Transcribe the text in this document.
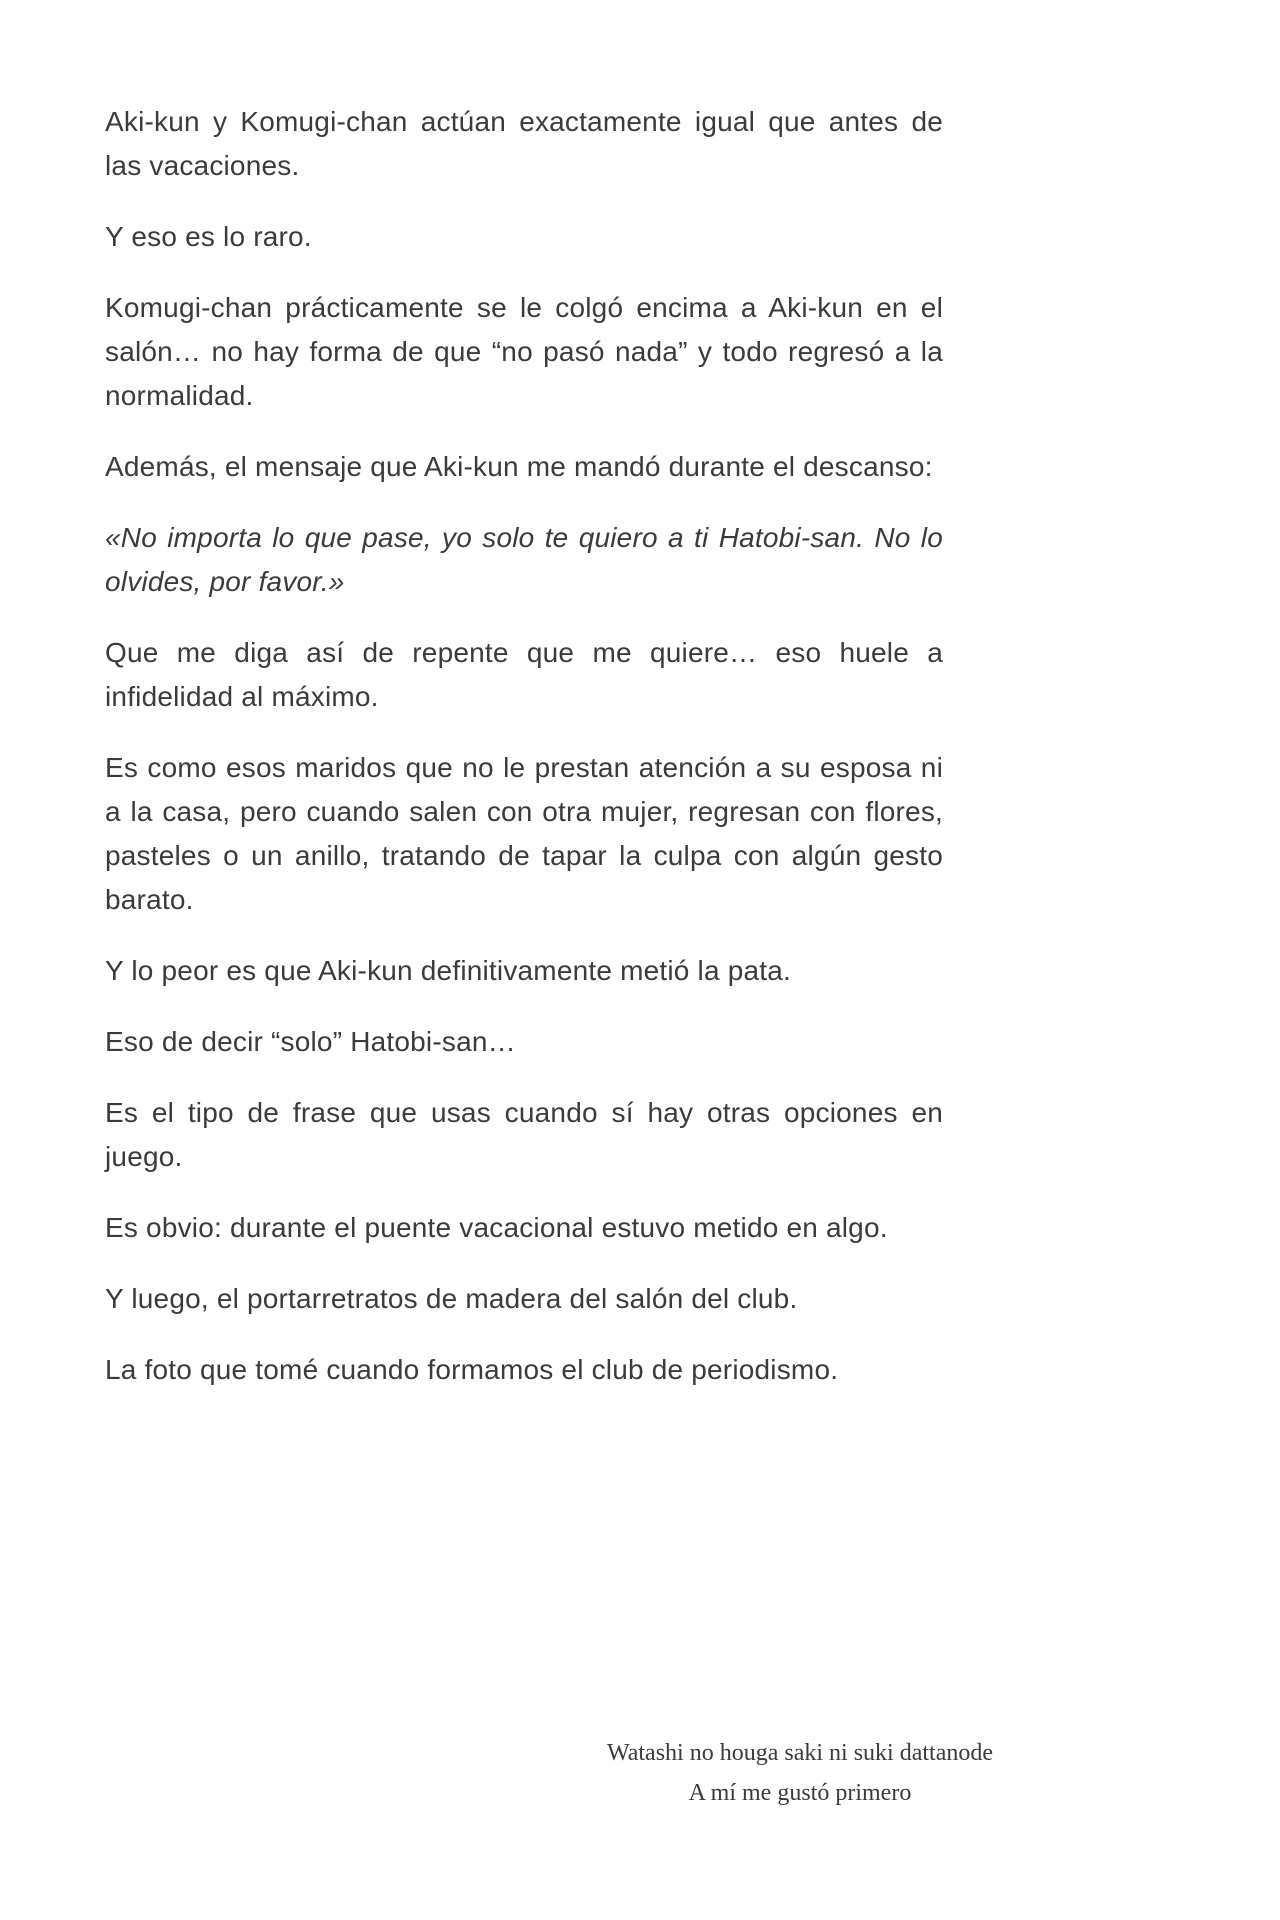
Aki-kun y Komugi-chan actúan exactamente igual que antes de las vacaciones.

Y eso es lo raro.

Komugi-chan prácticamente se le colgó encima a Aki-kun en el salón… no hay forma de que “no pasó nada” y todo regresó a la normalidad.

Además, el mensaje que Aki-kun me mandó durante el descanso:

«No importa lo que pase, yo solo te quiero a ti Hatobi-san. No lo olvides, por favor.»

Que me diga así de repente que me quiere… eso huele a infidelidad al máximo.

Es como esos maridos que no le prestan atención a su esposa ni a la casa, pero cuando salen con otra mujer, regresan con flores, pasteles o un anillo, tratando de tapar la culpa con algún gesto barato.

Y lo peor es que Aki-kun definitivamente metió la pata.

Eso de decir “solo” Hatobi-san…

Es el tipo de frase que usas cuando sí hay otras opciones en juego.

Es obvio: durante el puente vacacional estuvo metido en algo.

Y luego, el portarretratos de madera del salón del club.

La foto que tomé cuando formamos el club de periodismo.

Watashi no houga saki ni suki dattanode
A mí me gustó primero
